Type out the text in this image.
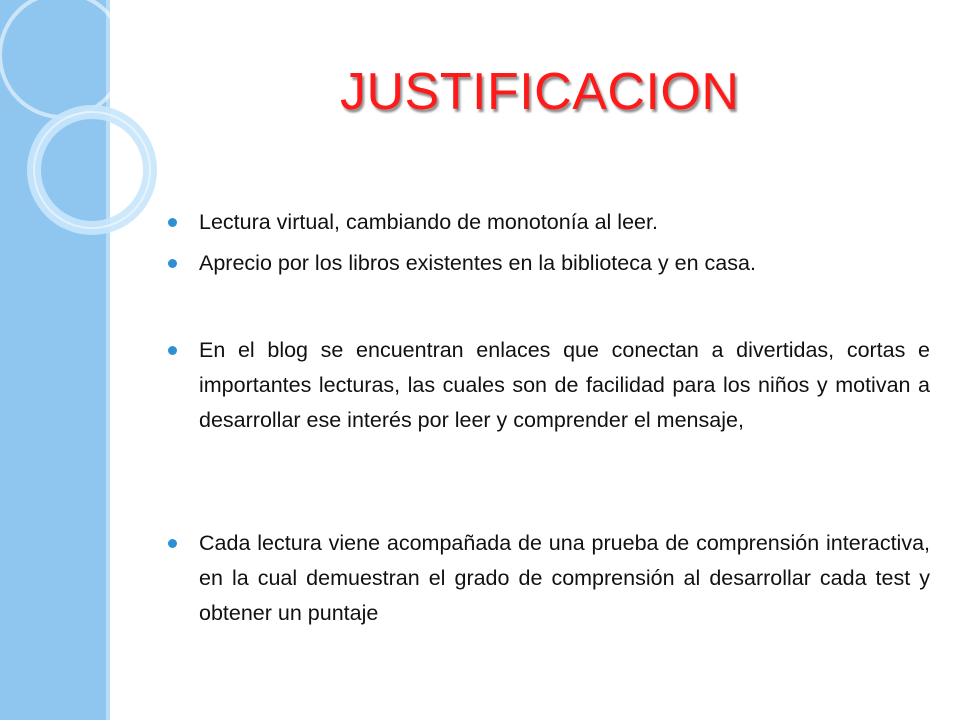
JUSTIFICACION
Lectura virtual, cambiando de monotonía al leer.
Aprecio por los libros existentes en la biblioteca y en casa.
En el blog se encuentran enlaces que conectan a divertidas, cortas e importantes lecturas, las cuales son de facilidad para los niños y motivan a desarrollar ese interés por leer y comprender el mensaje,
Cada lectura viene acompañada de una prueba de comprensión interactiva, en la cual demuestran el grado de comprensión al desarrollar cada test y obtener un puntaje
